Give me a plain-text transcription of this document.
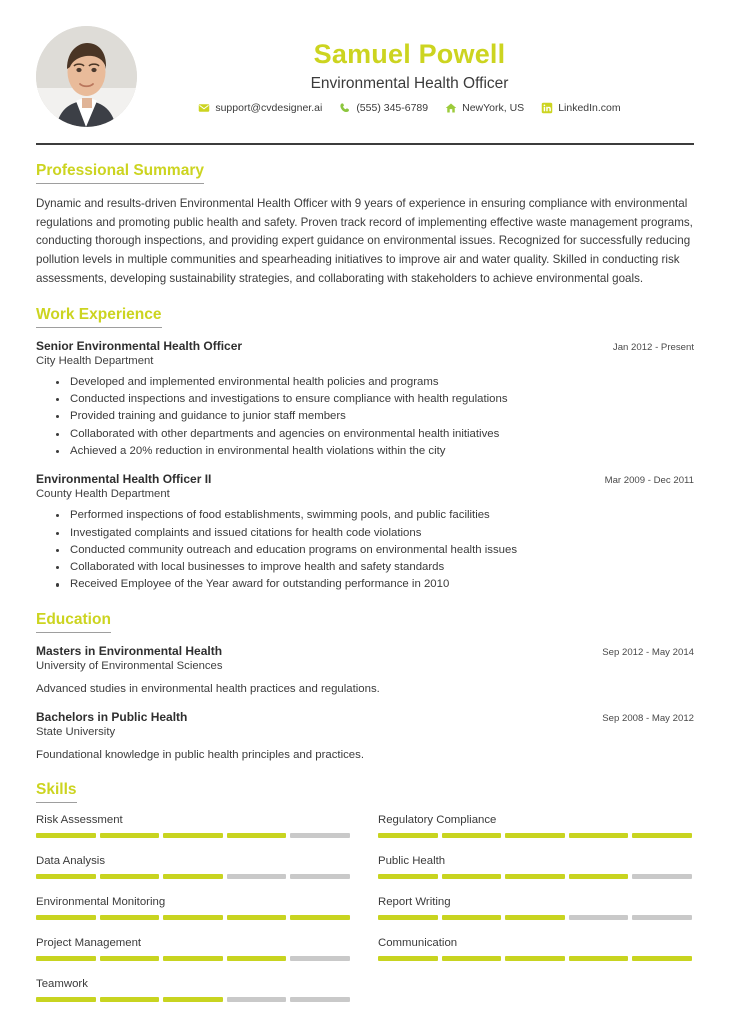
Samuel Powell
Environmental Health Officer
support@cvdesigner.ai	(555) 345-6789	NewYork, US	LinkedIn.com
Professional Summary
Dynamic and results-driven Environmental Health Officer with 9 years of experience in ensuring compliance with environmental regulations and promoting public health and safety. Proven track record of implementing effective waste management programs, conducting thorough inspections, and providing expert guidance on environmental issues. Recognized for successfully reducing pollution levels in multiple communities and spearheading initiatives to improve air and water quality. Skilled in conducting risk assessments, developing sustainability strategies, and collaborating with stakeholders to achieve environmental goals.
Work Experience
Senior Environmental Health Officer	Jan 2012 - Present
City Health Department
Developed and implemented environmental health policies and programs
Conducted inspections and investigations to ensure compliance with health regulations
Provided training and guidance to junior staff members
Collaborated with other departments and agencies on environmental health initiatives
Achieved a 20% reduction in environmental health violations within the city
Environmental Health Officer II	Mar 2009 - Dec 2011
County Health Department
Performed inspections of food establishments, swimming pools, and public facilities
Investigated complaints and issued citations for health code violations
Conducted community outreach and education programs on environmental health issues
Collaborated with local businesses to improve health and safety standards
Received Employee of the Year award for outstanding performance in 2010
Education
Masters in Environmental Health	Sep 2012 - May 2014
University of Environmental Sciences
Advanced studies in environmental health practices and regulations.
Bachelors in Public Health	Sep 2008 - May 2012
State University
Foundational knowledge in public health principles and practices.
Skills
Risk Assessment
Data Analysis
Environmental Monitoring
Project Management
Teamwork
Regulatory Compliance
Public Health
Report Writing
Communication
